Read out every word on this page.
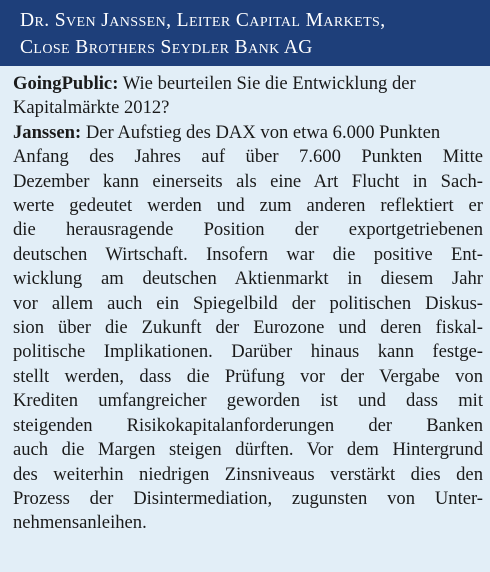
Dr. Sven Janssen, Leiter Capital Markets,
Close Brothers Seydler Bank AG
GoingPublic: Wie beurteilen Sie die Entwicklung der
Kapitalmärkte 2012?
Janssen: Der Aufstieg des DAX von etwa 6.000 Punkten
Anfang des Jahres auf über 7.600 Punkten Mitte
Dezember kann einerseits als eine Art Flucht in Sach-
werte gedeutet werden und zum anderen reflektiert er
die herausragende Position der exportgetriebenen
deutschen Wirtschaft. Insofern war die positive Ent-
wicklung am deutschen Aktienmarkt in diesem Jahr
vor allem auch ein Spiegelbild der politischen Diskus-
sion über die Zukunft der Eurozone und deren fiskal-
politische Implikationen. Darüber hinaus kann festge-
stellt werden, dass die Prüfung vor der Vergabe von
Krediten umfangreicher geworden ist und dass mit
steigenden Risikokapitalanforderungen der Banken
auch die Margen steigen dürften. Vor dem Hintergrund
des weiterhin niedrigen Zinsniveaus verstärkt dies den
Prozess der Disintermediation, zugunsten von Unter-
nehmensanleihen.
